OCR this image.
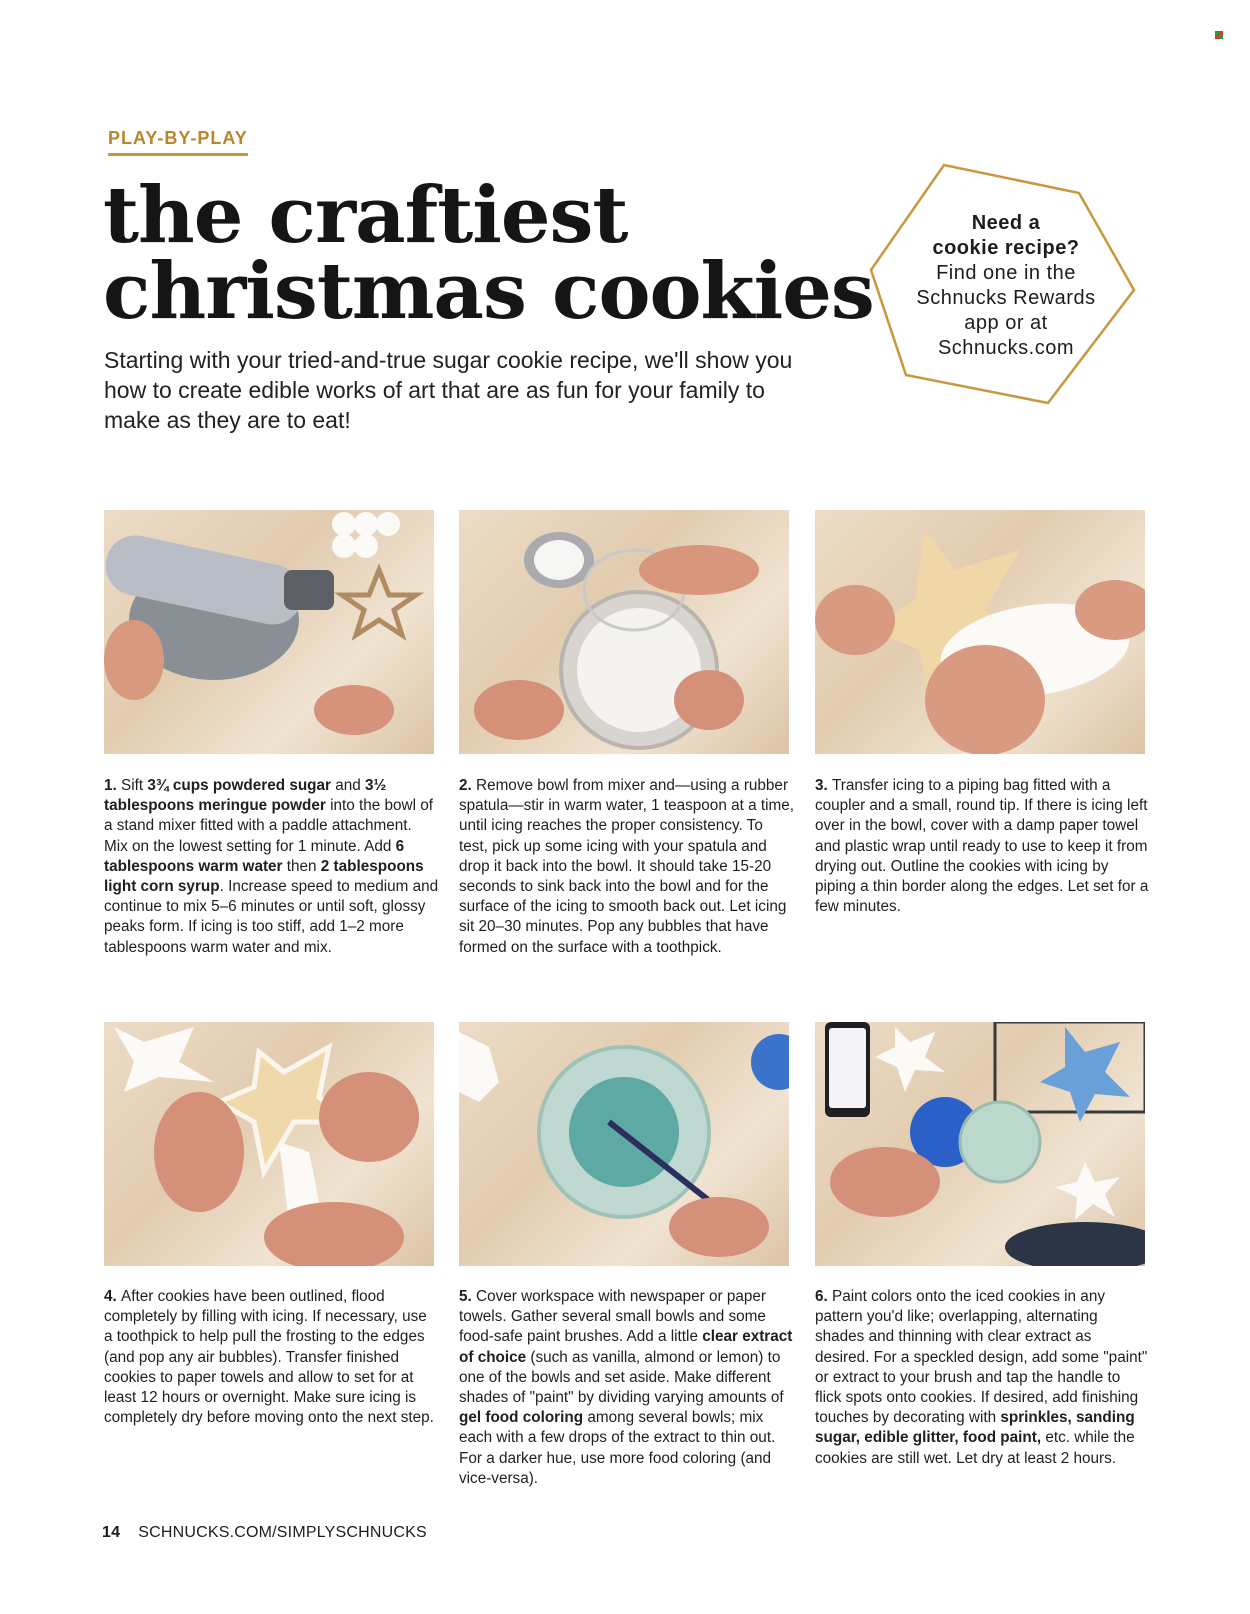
PLAY-BY-PLAY
the craftiest
christmas cookies

Starting with your tried-and-true sugar cookie recipe, we'll show you how to create edible works of art that are as fun for your family to make as they are to eat!

Need a
cookie recipe?
Find one in the
Schnucks Rewards
app or at
Schnucks.com

1. Sift 3¾ cups powdered sugar and 3½ tablespoons meringue powder into the bowl of a stand mixer fitted with a paddle attachment. Mix on the lowest setting for 1 minute. Add 6 tablespoons warm water then 2 tablespoons light corn syrup. Increase speed to medium and continue to mix 5–6 minutes or until soft, glossy peaks form. If icing is too stiff, add 1–2 more tablespoons warm water and mix.

2. Remove bowl from mixer and—using a rubber spatula—stir in warm water, 1 teaspoon at a time, until icing reaches the proper consistency. To test, pick up some icing with your spatula and drop it back into the bowl. It should take 15-20 seconds to sink back into the bowl and for the surface of the icing to smooth back out. Let icing sit 20–30 minutes. Pop any bubbles that have formed on the surface with a toothpick.

3. Transfer icing to a piping bag fitted with a coupler and a small, round tip. If there is icing left over in the bowl, cover with a damp paper towel and plastic wrap until ready to use to keep it from drying out. Outline the cookies with icing by piping a thin border along the edges. Let set for a few minutes.

4. After cookies have been outlined, flood completely by filling with icing. If necessary, use a toothpick to help pull the frosting to the edges (and pop any air bubbles). Transfer finished cookies to paper towels and allow to set for at least 12 hours or overnight. Make sure icing is completely dry before moving onto the next step.

5. Cover workspace with newspaper or paper towels. Gather several small bowls and some food-safe paint brushes. Add a little clear extract of choice (such as vanilla, almond or lemon) to one of the bowls and set aside. Make different shades of "paint" by dividing varying amounts of gel food coloring among several bowls; mix each with a few drops of the extract to thin out. For a darker hue, use more food coloring (and vice-versa).

6. Paint colors onto the iced cookies in any pattern you'd like; overlapping, alternating shades and thinning with clear extract as desired. For a speckled design, add some "paint" or extract to your brush and tap the handle to flick spots onto cookies. If desired, add finishing touches by decorating with sprinkles, sanding sugar, edible glitter, food paint, etc. while the cookies are still wet. Let dry at least 2 hours.

14 SCHNUCKS.COM/SIMPLYSCHNUCKS
